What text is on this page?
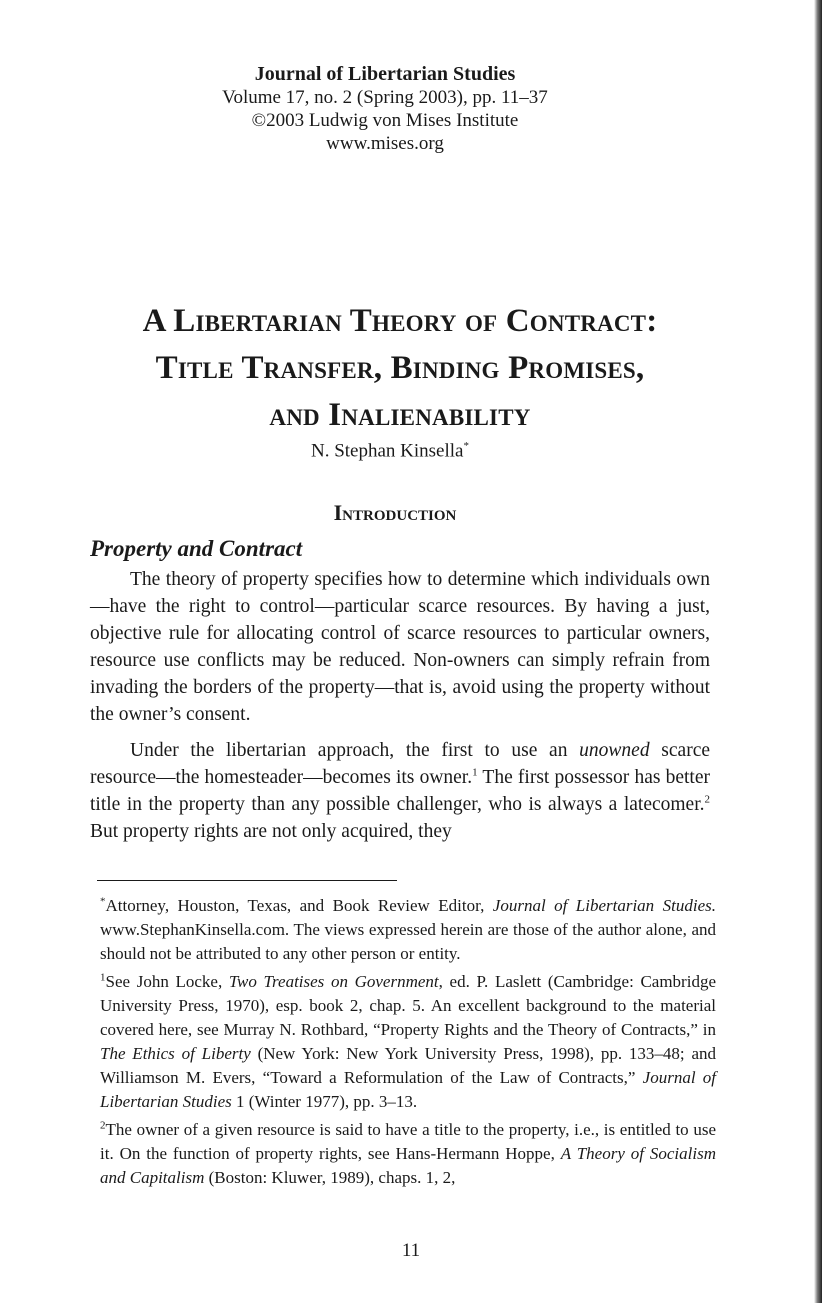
Journal of Libertarian Studies
Volume 17, no. 2 (Spring 2003), pp. 11–37
©2003 Ludwig von Mises Institute
www.mises.org
A Libertarian Theory of Contract:
Title Transfer, Binding Promises,
and Inalienability
N. Stephan Kinsella*
Introduction
Property and Contract

The theory of property specifies how to determine which individuals own—have the right to control—particular scarce resources. By having a just, objective rule for allocating control of scarce resources to particular owners, resource use conflicts may be reduced. Non-owners can simply refrain from invading the borders of the property—that is, avoid using the property without the owner’s consent.

Under the libertarian approach, the first to use an unowned scarce resource—the homesteader—becomes its owner.$^1$ The first possessor has better title in the property than any possible challenger, who is always a latecomer.$^2$ But property rights are not only acquired, they

*Attorney, Houston, Texas, and Book Review Editor, Journal of Libertarian Studies. www.StephanKinsella.com. The views expressed herein are those of the author alone, and should not be attributed to any other person or entity.

$^1$See John Locke, Two Treatises on Government, ed. P. Laslett (Cambridge: Cambridge University Press, 1970), esp. book 2, chap. 5. An excellent background to the material covered here, see Murray N. Rothbard, “Property Rights and the Theory of Contracts,” in The Ethics of Liberty (New York: New York University Press, 1998), pp. 133–48; and Williamson M. Evers, “Toward a Reformulation of the Law of Contracts,” Journal of Libertarian Studies 1 (Winter 1977), pp. 3–13.

$^2$The owner of a given resource is said to have a title to the property, i.e., is entitled to use it. On the function of property rights, see Hans-Hermann Hoppe, A Theory of Socialism and Capitalism (Boston: Kluwer, 1989), chaps. 1, 2,

11
